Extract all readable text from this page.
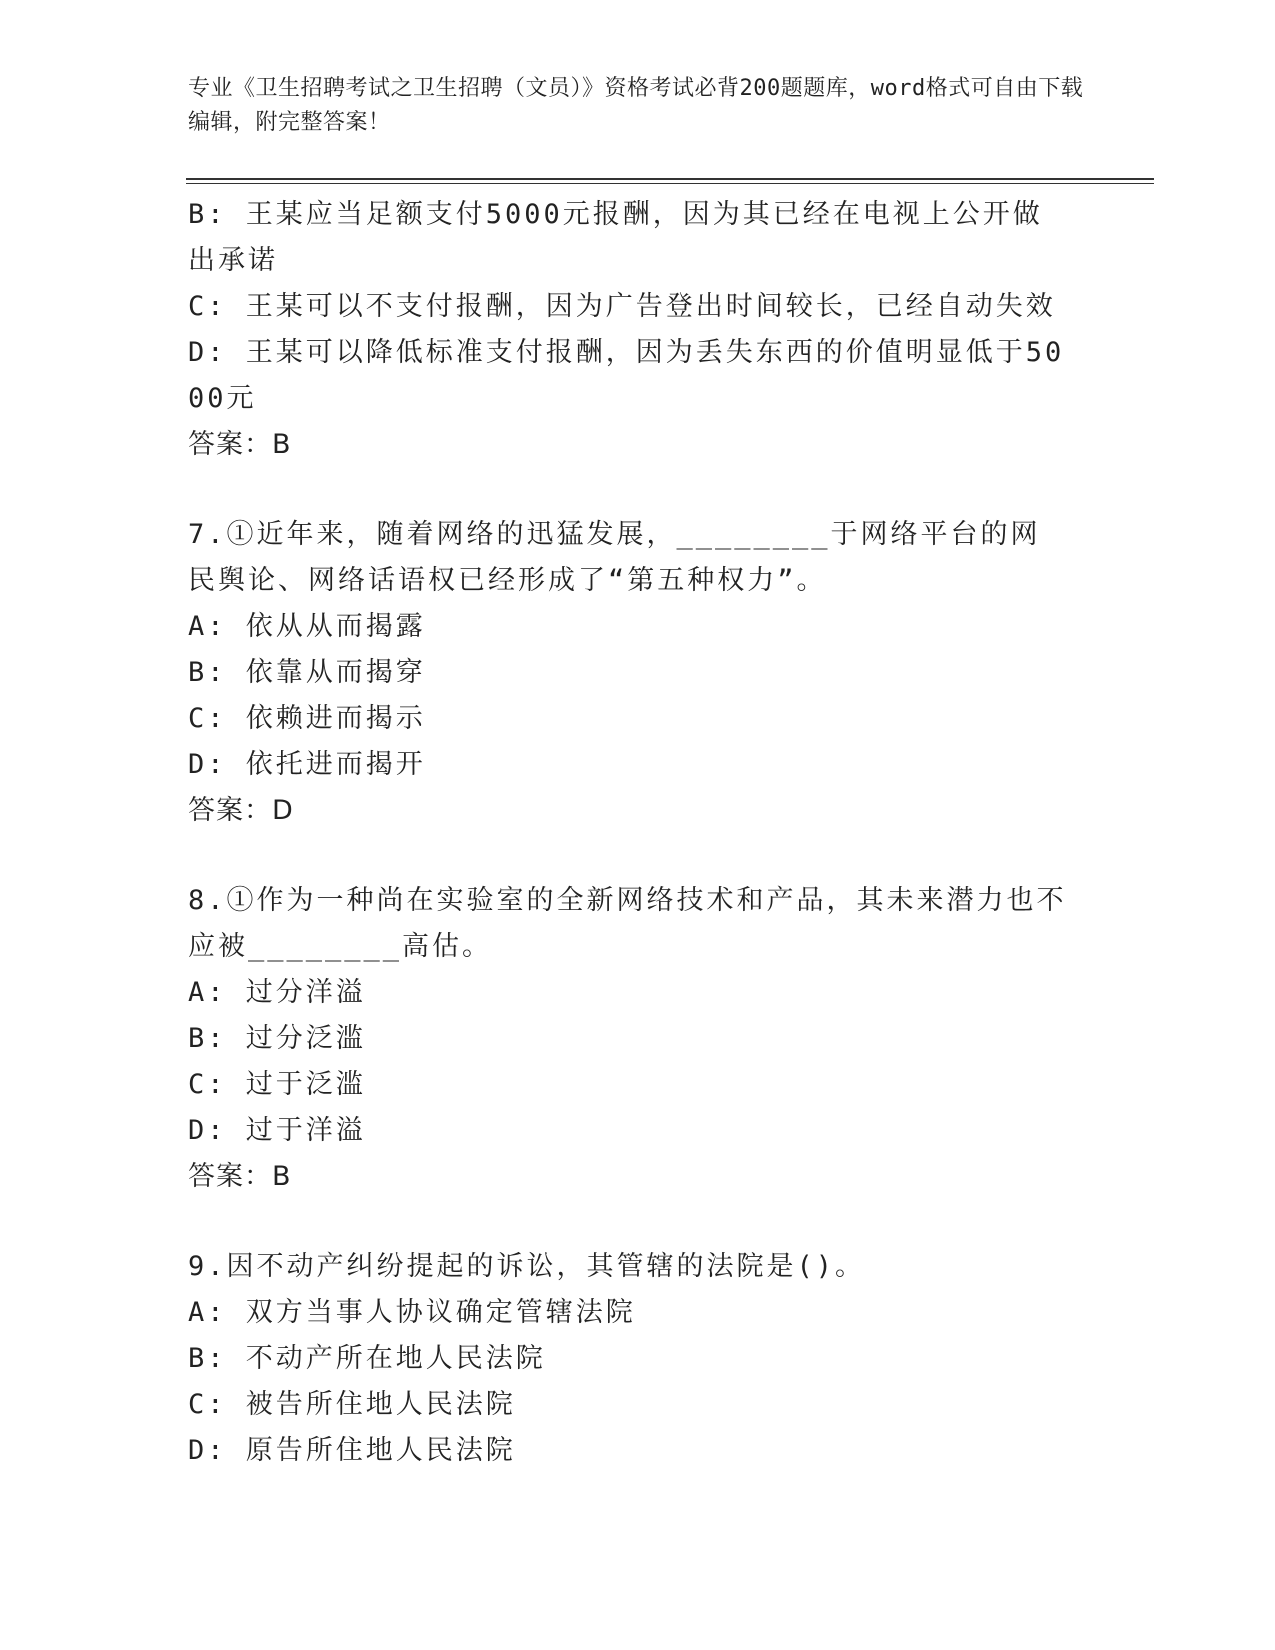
专业《卫生招聘考试之卫生招聘（文员）》资格考试必背200题题库，word格式可自由下载编辑，附完整答案！
B: 王某应当足额支付5000元报酬，因为其已经在电视上公开做出承诺
C: 王某可以不支付报酬，因为广告登出时间较长，已经自动失效
D: 王某可以降低标准支付报酬，因为丢失东西的价值明显低于5000元
答案：B
7.①近年来，随着网络的迅猛发展，________于网络平台的网民舆论、网络话语权已经形成了“第五种权力”。
A: 依从从而揭露
B: 依靠从而揭穿
C: 依赖进而揭示
D: 依托进而揭开
答案：D
8.①作为一种尚在实验室的全新网络技术和产品，其未来潜力也不应被________高估。
A: 过分洋溢
B: 过分泛滥
C: 过于泛滥
D: 过于洋溢
答案：B
9.因不动产纠纷提起的诉讼，其管辖的法院是()。
A: 双方当事人协议确定管辖法院
B: 不动产所在地人民法院
C: 被告所住地人民法院
D: 原告所住地人民法院
